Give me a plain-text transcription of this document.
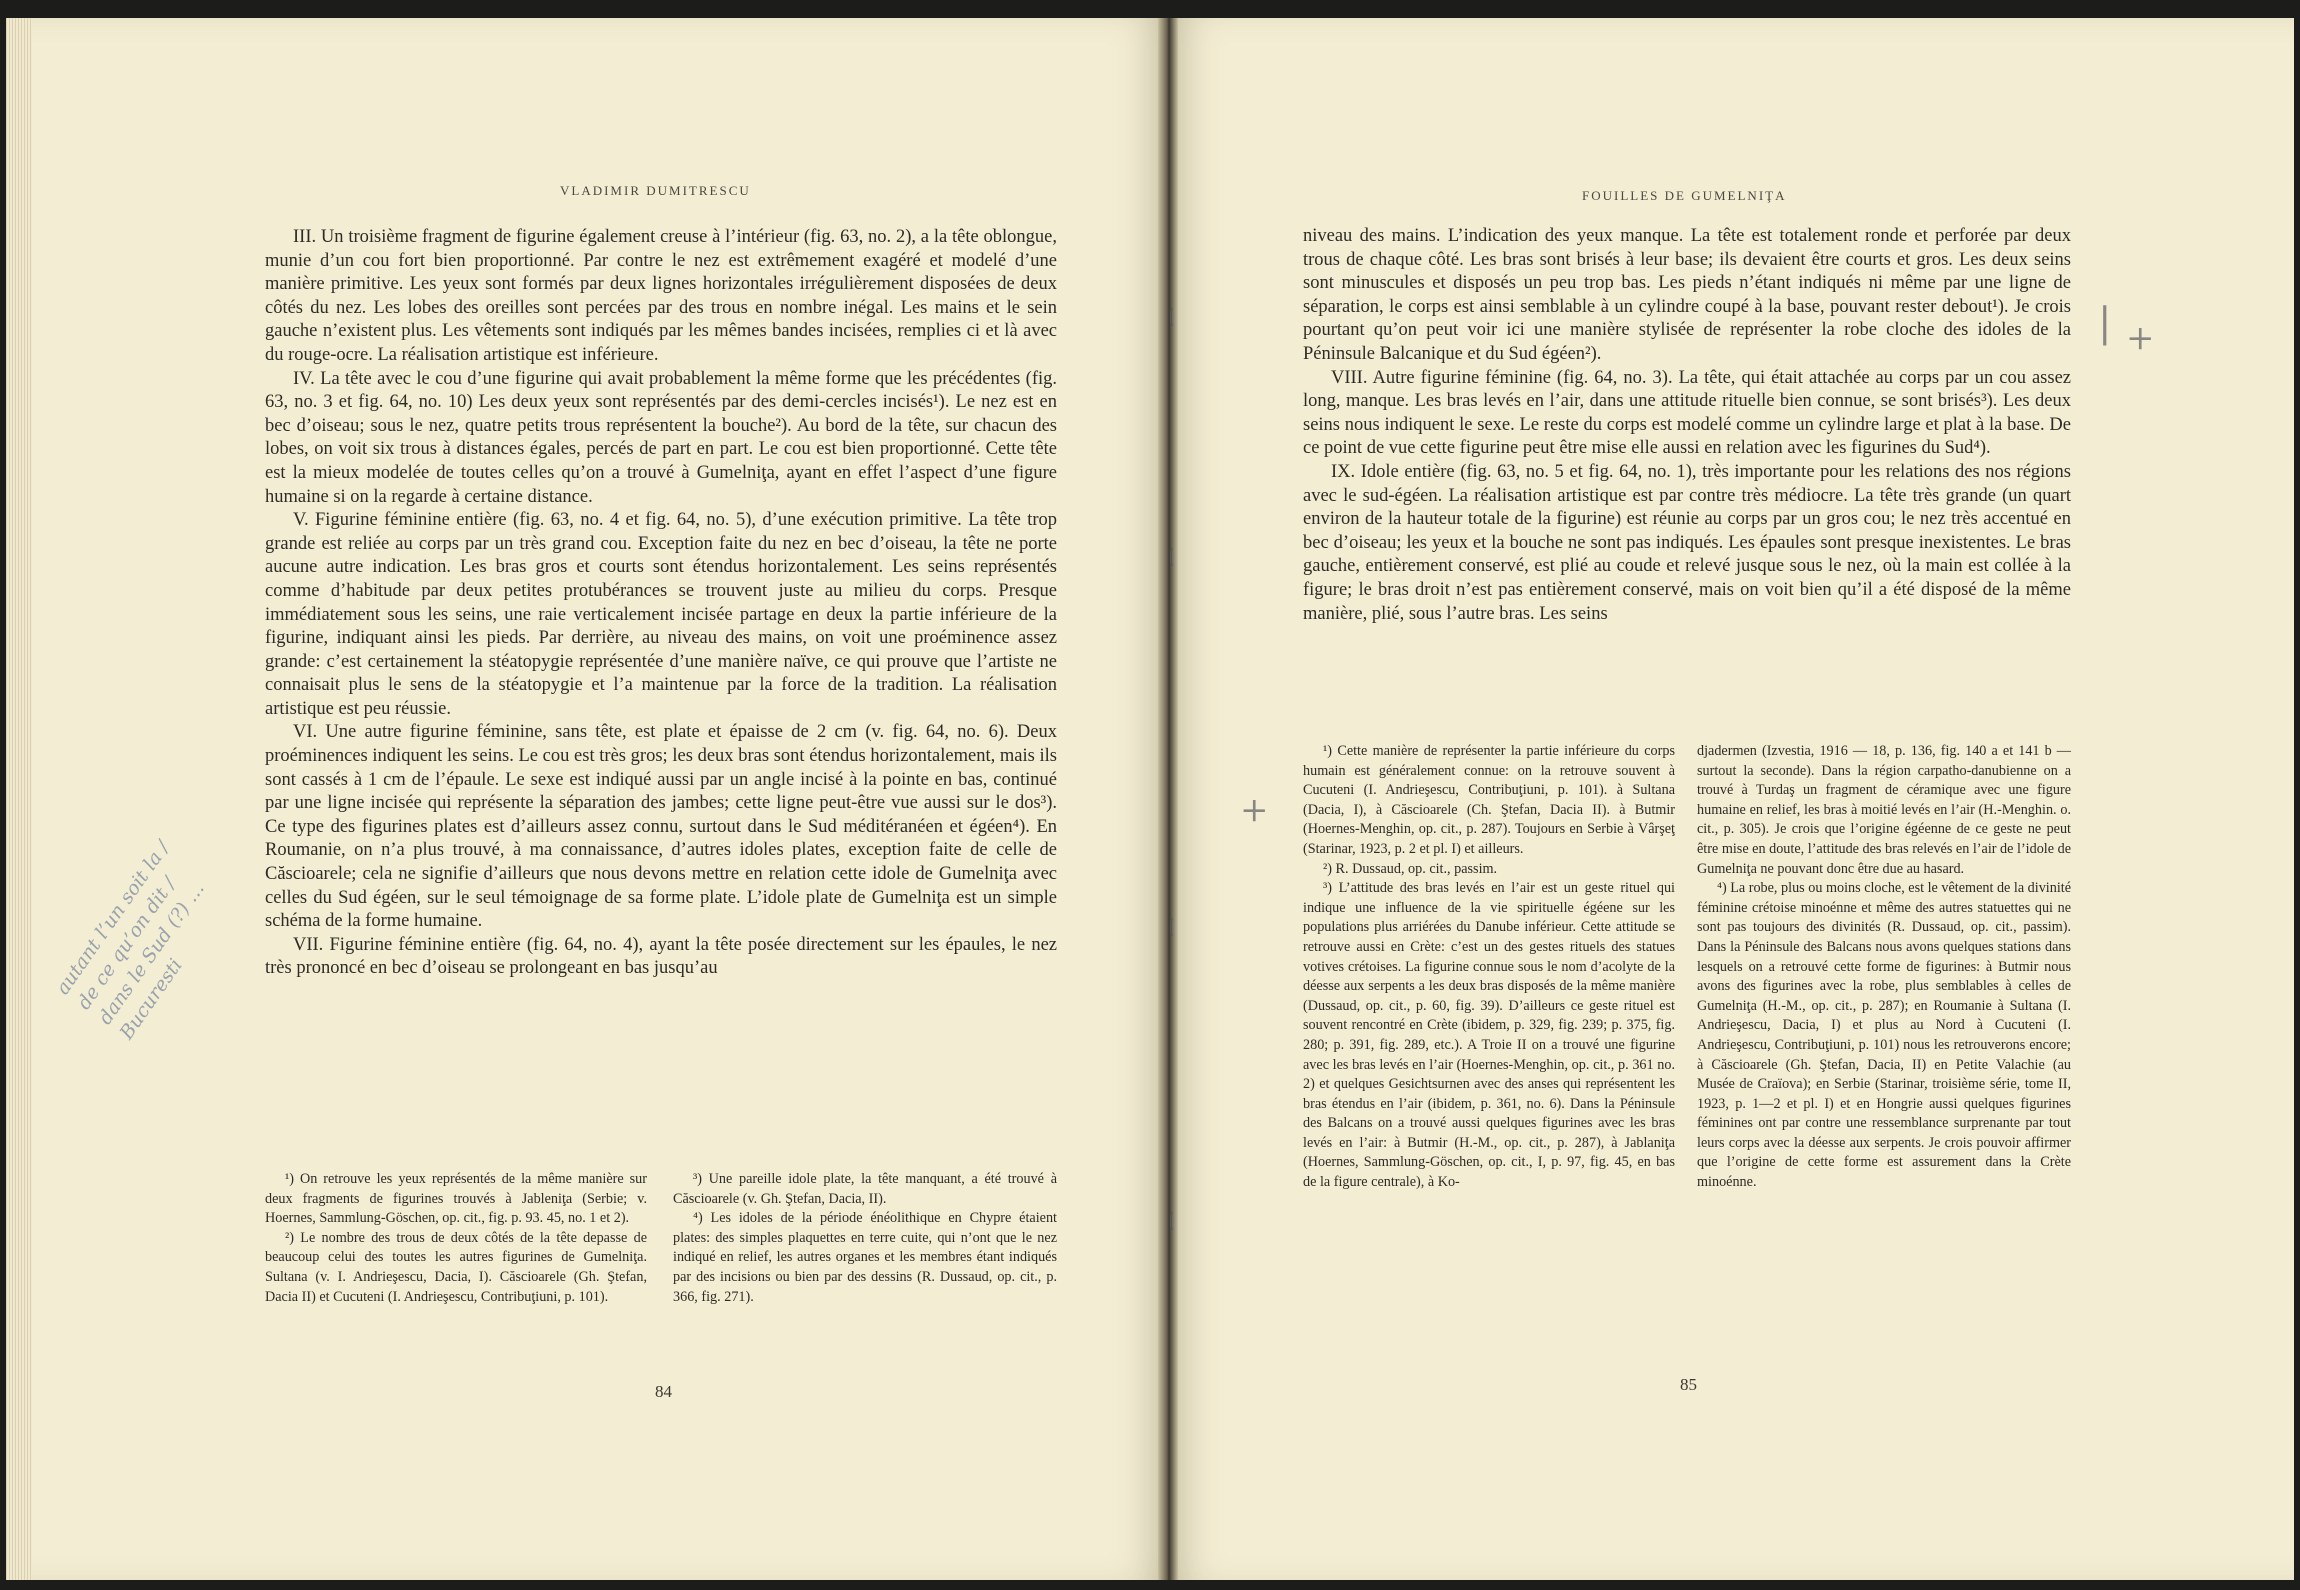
VLADIMIR DUMITRESCU

III. Un troisième fragment de figurine également creuse à l’intérieur (fig. 63, no. 2), a la tête oblongue, munie d’un cou fort bien proportionné. Par contre le nez est extrêmement exagéré et modelé d’une manière primitive. Les yeux sont formés par deux lignes horizontales irrégulièrement disposées de deux côtés du nez. Les lobes des oreilles sont percées par des trous en nombre inégal. Les mains et le sein gauche n’existent plus. Les vêtements sont indiqués par les mêmes bandes incisées, remplies ci et là avec du rouge-ocre. La réalisation artistique est inférieure.

IV. La tête avec le cou d’une figurine qui avait probablement la même forme que les précédentes (fig. 63, no. 3 et fig. 64, no. 10) Les deux yeux sont représentés par des demi-cercles incisés¹). Le nez est en bec d’oiseau; sous le nez, quatre petits trous représentent la bouche²). Au bord de la tête, sur chacun des lobes, on voit six trous à distances égales, percés de part en part. Le cou est bien proportionné. Cette tête est la mieux modelée de toutes celles qu’on a trouvé à Gumelniţa, ayant en effet l’aspect d’une figure humaine si on la regarde à certaine distance.

V. Figurine féminine entière (fig. 63, no. 4 et fig. 64, no. 5), d’une exécution primitive. La tête trop grande est reliée au corps par un très grand cou. Exception faite du nez en bec d’oiseau, la tête ne porte aucune autre indication. Les bras gros et courts sont étendus horizontalement. Les seins représentés comme d’habitude par deux petites protubérances se trouvent juste au milieu du corps. Presque immédiatement sous les seins, une raie verticalement incisée partage en deux la partie inférieure de la figurine, indiquant ainsi les pieds. Par derrière, au niveau des mains, on voit une proéminence assez grande: c’est certainement la stéatopygie représentée d’une manière naïve, ce qui prouve que l’artiste ne connaisait plus le sens de la stéatopygie et l’a maintenue par la force de la tradition. La réalisation artistique est peu réussie.

VI. Une autre figurine féminine, sans tête, est plate et épaisse de 2 cm (v. fig. 64, no. 6). Deux proéminences indiquent les seins. Le cou est très gros; les deux bras sont étendus horizontalement, mais ils sont cassés à 1 cm de l’épaule. Le sexe est indiqué aussi par un angle incisé à la pointe en bas, continué par une ligne incisée qui représente la séparation des jambes; cette ligne peut-être vue aussi sur le dos³). Ce type des figurines plates est d’ailleurs assez connu, surtout dans le Sud méditéranéen et égéen⁴). En Roumanie, on n’a plus trouvé, à ma connaissance, d’autres idoles plates, exception faite de celle de Căscioarele; cela ne signifie d’ailleurs que nous devons mettre en relation cette idole de Gumelniţa avec celles du Sud égéen, sur le seul témoignage de sa forme plate. L’idole plate de Gumelniţa est un simple schéma de la forme humaine.

VII. Figurine féminine entière (fig. 64, no. 4), ayant la tête posée directement sur les épaules, le nez très prononcé en bec d’oiseau se prolongeant en bas jusqu’au

¹) On retrouve les yeux représentés de la même manière sur deux fragments de figurines trouvés à Jableniţa (Serbie; v. Hoernes, Sammlung-Göschen, op. cit., fig. p. 93. 45, no. 1 et 2).

²) Le nombre des trous de deux côtés de la tête depasse de beaucoup celui des toutes les autres figurines de Gumelniţa. Sultana (v. I. Andrieşescu, Dacia, I). Căscioarele (Gh. Ştefan, Dacia II) et Cucuteni (I. Andrieşescu, Contribuţiuni, p. 101).

³) Une pareille idole plate, la tête manquant, a été trouvé à Căscioarele (v. Gh. Ştefan, Dacia, II).

⁴) Les idoles de la période énéolithique en Chypre étaient plates: des simples plaquettes en terre cuite, qui n’ont que le nez indiqué en relief, les autres organes et les membres étant indiqués par des incisions ou bien par des dessins (R. Dussaud, op. cit., p. 366, fig. 271).

84
autant l’un soit la / de ce qu’on dit / dans le Sud (?) … Bucuresti
FOUILLES DE GUMELNIŢA

niveau des mains. L’indication des yeux manque. La tête est totalement ronde et perforée par deux trous de chaque côté. Les bras sont brisés à leur base; ils devaient être courts et gros. Les deux seins sont minuscules et disposés un peu trop bas. Les pieds n’étant indiqués ni même par une ligne de séparation, le corps est ainsi semblable à un cylindre coupé à la base, pouvant rester debout¹). Je crois pourtant qu’on peut voir ici une manière stylisée de représenter la robe cloche des idoles de la Péninsule Balcanique et du Sud égéen²).

VIII. Autre figurine féminine (fig. 64, no. 3). La tête, qui était attachée au corps par un cou assez long, manque. Les bras levés en l’air, dans une attitude rituelle bien connue, se sont brisés³). Les deux seins nous indiquent le sexe. Le reste du corps est modelé comme un cylindre large et plat à la base. De ce point de vue cette figurine peut être mise elle aussi en relation avec les figurines du Sud⁴).

IX. Idole entière (fig. 63, no. 5 et fig. 64, no. 1), très importante pour les relations des nos régions avec le sud-égéen. La réalisation artistique est par contre très médiocre. La tête très grande (un quart environ de la hauteur totale de la figurine) est réunie au corps par un gros cou; le nez très accentué en bec d’oiseau; les yeux et la bouche ne sont pas indiqués. Les épaules sont presque inexistentes. Le bras gauche, entièrement conservé, est plié au coude et relevé jusque sous le nez, où la main est collée à la figure; le bras droit n’est pas entièrement conservé, mais on voit bien qu’il a été disposé de la même manière, plié, sous l’autre bras. Les seins

¹) Cette manière de représenter la partie inférieure du corps humain est généralement connue: on la retrouve souvent à Cucuteni (I. Andrieşescu, Contribuţiuni, p. 101). à Sultana (Dacia, I), à Căscioarele (Ch. Ştefan, Dacia II). à Butmir (Hoernes-Menghin, op. cit., p. 287). Toujours en Serbie à Vârşeţ (Starinar, 1923, p. 2 et pl. I) et ailleurs.

²) R. Dussaud, op. cit., passim.

³) L’attitude des bras levés en l’air est un geste rituel qui indique une influence de la vie spirituelle égéene sur les populations plus arriérées du Danube inférieur. Cette attitude se retrouve aussi en Crète: c’est un des gestes rituels des statues votives crétoises. La figurine connue sous le nom d’acolyte de la déesse aux serpents a les deux bras disposés de la même manière (Dussaud, op. cit., p. 60, fig. 39). D’ailleurs ce geste rituel est souvent rencontré en Crète (ibidem, p. 329, fig. 239; p. 375, fig. 280; p. 391, fig. 289, etc.). A Troie II on a trouvé une figurine avec les bras levés en l’air (Hoernes-Menghin, op. cit., p. 361 no. 2) et quelques Gesichtsurnen avec des anses qui représentent les bras étendus en l’air (ibidem, p. 361, no. 6). Dans la Péninsule des Balcans on a trouvé aussi quelques figurines avec les bras levés en l’air: à Butmir (H.-M., op. cit., p. 287), à Jablaniţa (Hoernes, Sammlung-Göschen, op. cit., I, p. 97, fig. 45, en bas de la figure centrale), à Ko-

djadermen (Izvestia, 1916 — 18, p. 136, fig. 140 a et 141 b — surtout la seconde). Dans la région carpatho-danubienne on a trouvé à Turdaş un fragment de céramique avec une figure humaine en relief, les bras à moitié levés en l’air (H.-Menghin. o. cit., p. 305). Je crois que l’origine égéenne de ce geste ne peut être mise en doute, l’attitude des bras relevés en l’air de l’idole de Gumelniţa ne pouvant donc être due au hasard.

⁴) La robe, plus ou moins cloche, est le vêtement de la divinité féminine crétoise minoénne et même des autres statuettes qui ne sont pas toujours des divinités (R. Dussaud, op. cit., passim). Dans la Péninsule des Balcans nous avons quelques stations dans lesquels on a retrouvé cette forme de figurines: à Butmir nous avons des figurines avec la robe, plus semblables à celles de Gumelniţa (H.-M., op. cit., p. 287); en Roumanie à Sultana (I. Andrieşescu, Dacia, I) et plus au Nord à Cucuteni (I. Andrieşescu, Contribuţiuni, p. 101) nous les retrouverons encore; à Căscioarele (Gh. Ştefan, Dacia, II) en Petite Valachie (au Musée de Craïova); en Serbie (Starinar, troisième série, tome II, 1923, p. 1—2 et pl. I) et en Hongrie aussi quelques figurines féminines ont par contre une ressemblance surprenante par tout leurs corps avec la déesse aux serpents. Je crois pouvoir affirmer que l’origine de cette forme est assurement dans la Crète minoénne.

85
| +
+
